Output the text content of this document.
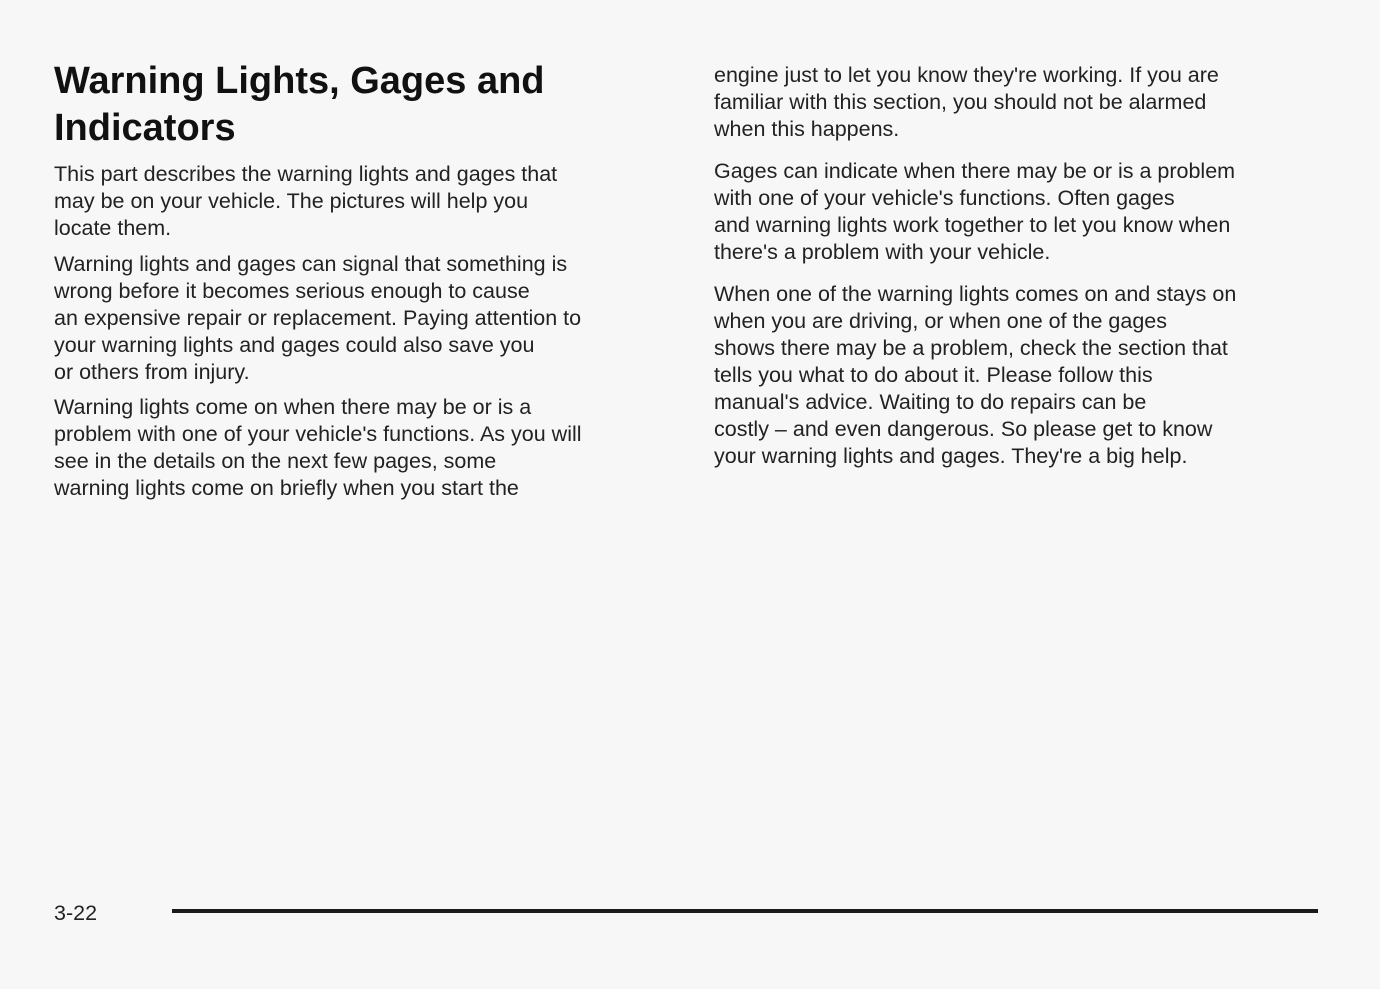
Warning Lights, Gages and
Indicators

This part describes the warning lights and gages that
may be on your vehicle. The pictures will help you
locate them.

Warning lights and gages can signal that something is
wrong before it becomes serious enough to cause
an expensive repair or replacement. Paying attention to
your warning lights and gages could also save you
or others from injury.

Warning lights come on when there may be or is a
problem with one of your vehicle's functions. As you will
see in the details on the next few pages, some
warning lights come on briefly when you start the

engine just to let you know they're working. If you are
familiar with this section, you should not be alarmed
when this happens.

Gages can indicate when there may be or is a problem
with one of your vehicle's functions. Often gages
and warning lights work together to let you know when
there's a problem with your vehicle.

When one of the warning lights comes on and stays on
when you are driving, or when one of the gages
shows there may be a problem, check the section that
tells you what to do about it. Please follow this
manual's advice. Waiting to do repairs can be
costly – and even dangerous. So please get to know
your warning lights and gages. They're a big help.

3-22
